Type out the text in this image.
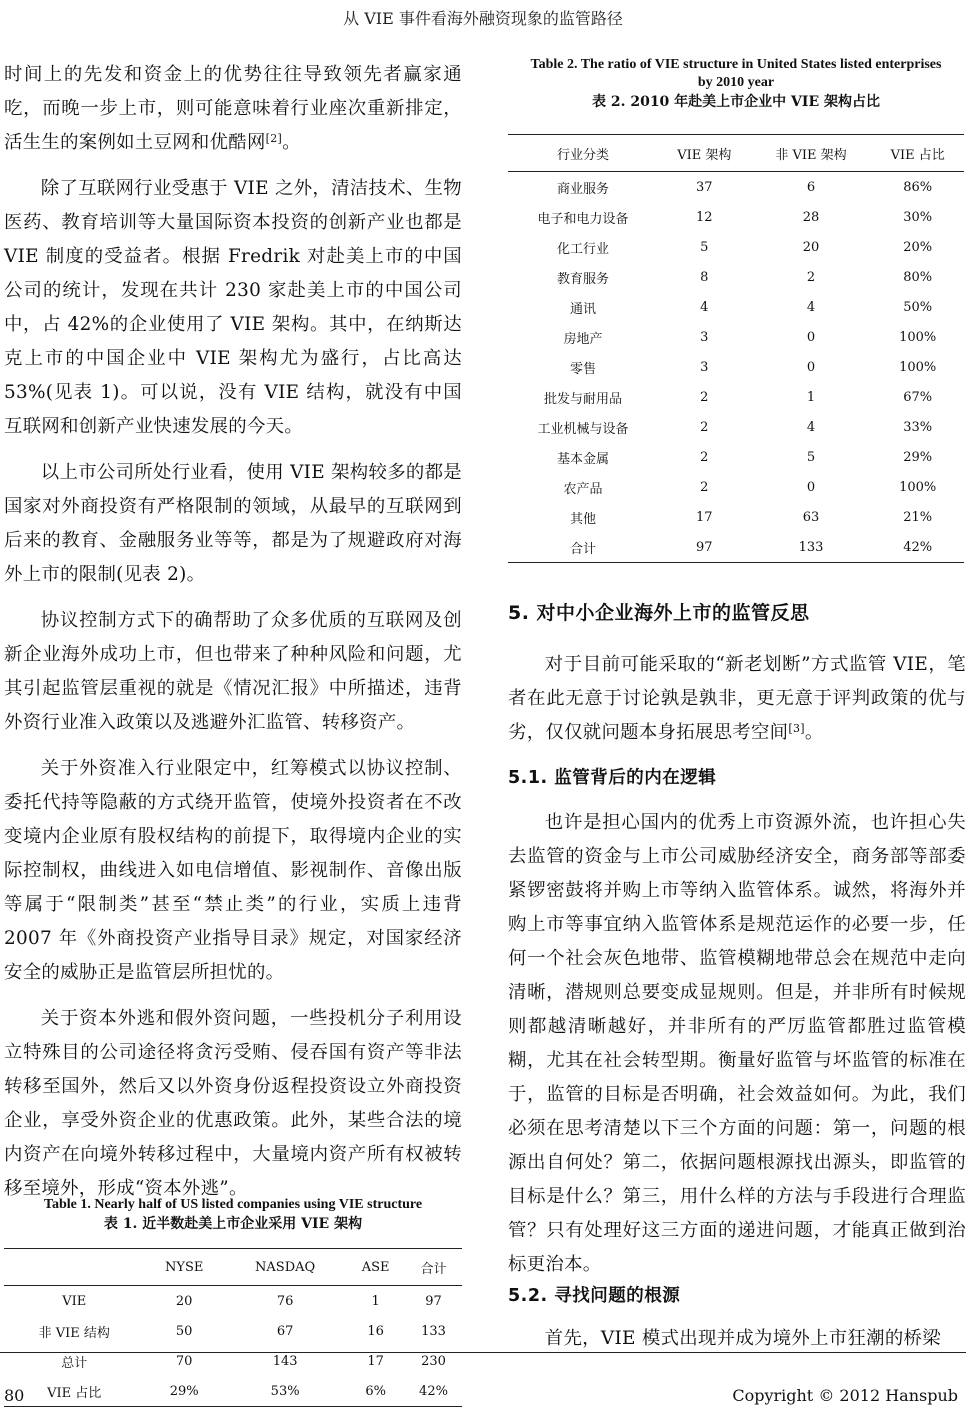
从 VIE 事件看海外融资现象的监管路径

时间上的先发和资金上的优势往往导致领先者赢家通吃，而晚一步上市，则可能意味着行业座次重新排定，活生生的案例如土豆网和优酷网[2]。

除了互联网行业受惠于 VIE 之外，清洁技术、生物医药、教育培训等大量国际资本投资的创新产业也都是 VIE 制度的受益者。根据 Fredrik 对赴美上市的中国公司的统计，发现在共计 230 家赴美上市的中国公司中，占 42%的企业使用了 VIE 架构。其中，在纳斯达克上市的中国企业中 VIE 架构尤为盛行，占比高达 53%(见表 1)。可以说，没有 VIE 结构，就没有中国互联网和创新产业快速发展的今天。

以上市公司所处行业看，使用 VIE 架构较多的都是国家对外商投资有严格限制的领域，从最早的互联网到后来的教育、金融服务业等等，都是为了规避政府对海外上市的限制(见表 2)。

协议控制方式下的确帮助了众多优质的互联网及创新企业海外成功上市，但也带来了种种风险和问题，尤其引起监管层重视的就是《情况汇报》中所描述，违背外资行业准入政策以及逃避外汇监管、转移资产。

关于外资准入行业限定中，红筹模式以协议控制、委托代持等隐蔽的方式绕开监管，使境外投资者在不改变境内企业原有股权结构的前提下，取得境内企业的实际控制权，曲线进入如电信增值、影视制作、音像出版等属于“限制类”甚至“禁止类”的行业，实质上违背 2007 年《外商投资产业指导目录》规定，对国家经济安全的威胁正是监管层所担忧的。

关于资本外逃和假外资问题，一些投机分子利用设立特殊目的公司途径将贪污受贿、侵吞国有资产等非法转移至国外，然后又以外资身份返程投资设立外商投资企业，享受外资企业的优惠政策。此外，某些合法的境内资产在向境外转移过程中，大量境内资产所有权被转移至境外，形成“资本外逃”。

Table 1. Nearly half of US listed companies using VIE structure
表 1. 近半数赴美上市企业采用 VIE 架构
	NYSE	NASDAQ	ASE	合计
VIE	20	76	1	97
非 VIE 结构	50	67	16	133
总计	70	143	17	230
VIE 占比	29%	53%	6%	42%
Table 2. The ratio of VIE structure in United States listed enterprises by 2010 year
表 2. 2010 年赴美上市企业中 VIE 架构占比
行业分类	VIE 架构	非 VIE 架构	VIE 占比
商业服务	37	6	86%
电子和电力设备	12	28	30%
化工行业	5	20	20%
教育服务	8	2	80%
通讯	4	4	50%
房地产	3	0	100%
零售	3	0	100%
批发与耐用品	2	1	67%
工业机械与设备	2	4	33%
基本金属	2	5	29%
农产品	2	0	100%
其他	17	63	21%
合计	97	133	42%
5. 对中小企业海外上市的监管反思

对于目前可能采取的“新老划断”方式监管 VIE，笔者在此无意于讨论孰是孰非，更无意于评判政策的优与劣，仅仅就问题本身拓展思考空间[3]。

5.1. 监管背后的内在逻辑

也许是担心国内的优秀上市资源外流，也许担心失去监管的资金与上市公司威胁经济安全，商务部等部委紧锣密鼓将并购上市等纳入监管体系。诚然，将海外并购上市等事宜纳入监管体系是规范运作的必要一步，任何一个社会灰色地带、监管模糊地带总会在规范中走向清晰，潜规则总要变成显规则。但是，并非所有时候规则都越清晰越好，并非所有的严厉监管都胜过监管模糊，尤其在社会转型期。衡量好监管与坏监管的标准在于，监管的目标是否明确，社会效益如何。为此，我们必须在思考清楚以下三个方面的问题：第一，问题的根源出自何处？第二，依据问题根源找出源头，即监管的目标是什么？第三，用什么样的方法与手段进行合理监管？只有处理好这三方面的递进问题，才能真正做到治标更治本。

5.2. 寻找问题的根源

首先，VIE 模式出现并成为境外上市狂潮的桥梁

80	Copyright © 2012 Hanspub
